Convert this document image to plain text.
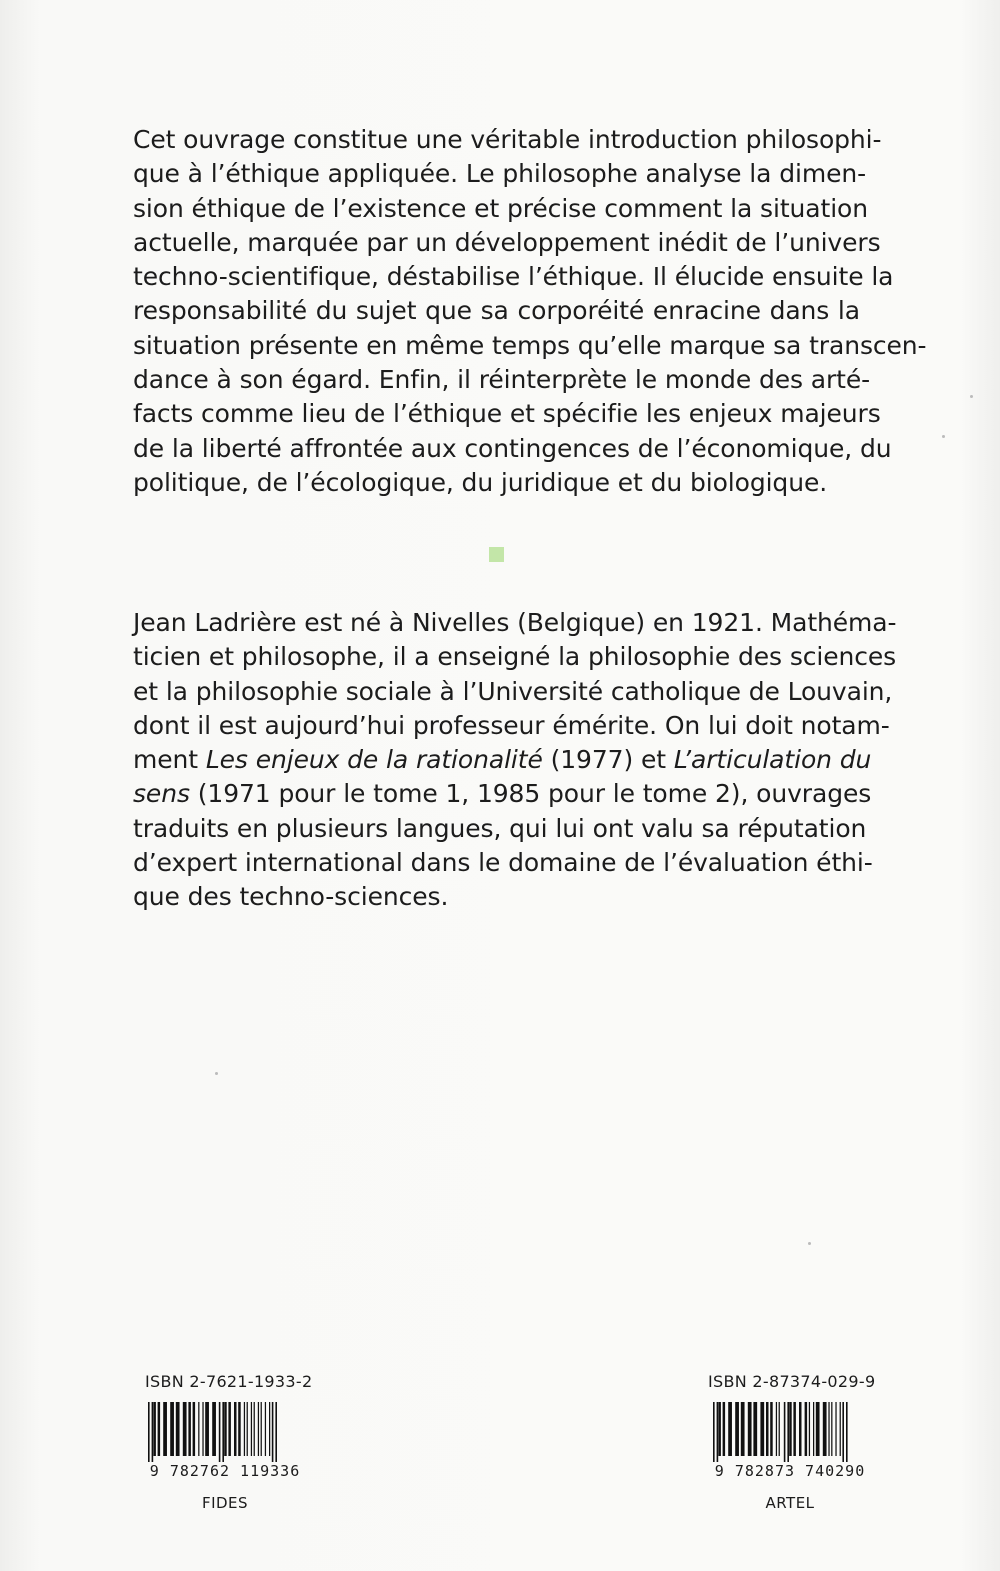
Cet ouvrage constitue une véritable introduction philosophi-
que à l’éthique appliquée. Le philosophe analyse la dimen-
sion éthique de l’existence et précise comment la situation
actuelle, marquée par un développement inédit de l’univers
techno-scientifique, déstabilise l’éthique. Il élucide ensuite la
responsabilité du sujet que sa corporéité enracine dans la
situation présente en même temps qu’elle marque sa transcen-
dance à son égard. Enfin, il réinterprète le monde des arté-
facts comme lieu de l’éthique et spécifie les enjeux majeurs
de la liberté affrontée aux contingences de l’économique, du
politique, de l’écologique, du juridique et du biologique.
Jean Ladrière est né à Nivelles (Belgique) en 1921. Mathéma-
ticien et philosophe, il a enseigné la philosophie des sciences
et la philosophie sociale à l’Université catholique de Louvain,
dont il est aujourd’hui professeur émérite. On lui doit notam-
ment Les enjeux de la rationalité (1977) et L’articulation du
sens (1971 pour le tome 1, 1985 pour le tome 2), ouvrages
traduits en plusieurs langues, qui lui ont valu sa réputation
d’expert international dans le domaine de l’évaluation éthi-
que des techno-sciences.
ISBN 2-7621-1933-2
9 782762 119336
FIDES
ISBN 2-87374-029-9
9 782873 740290
ARTEL
